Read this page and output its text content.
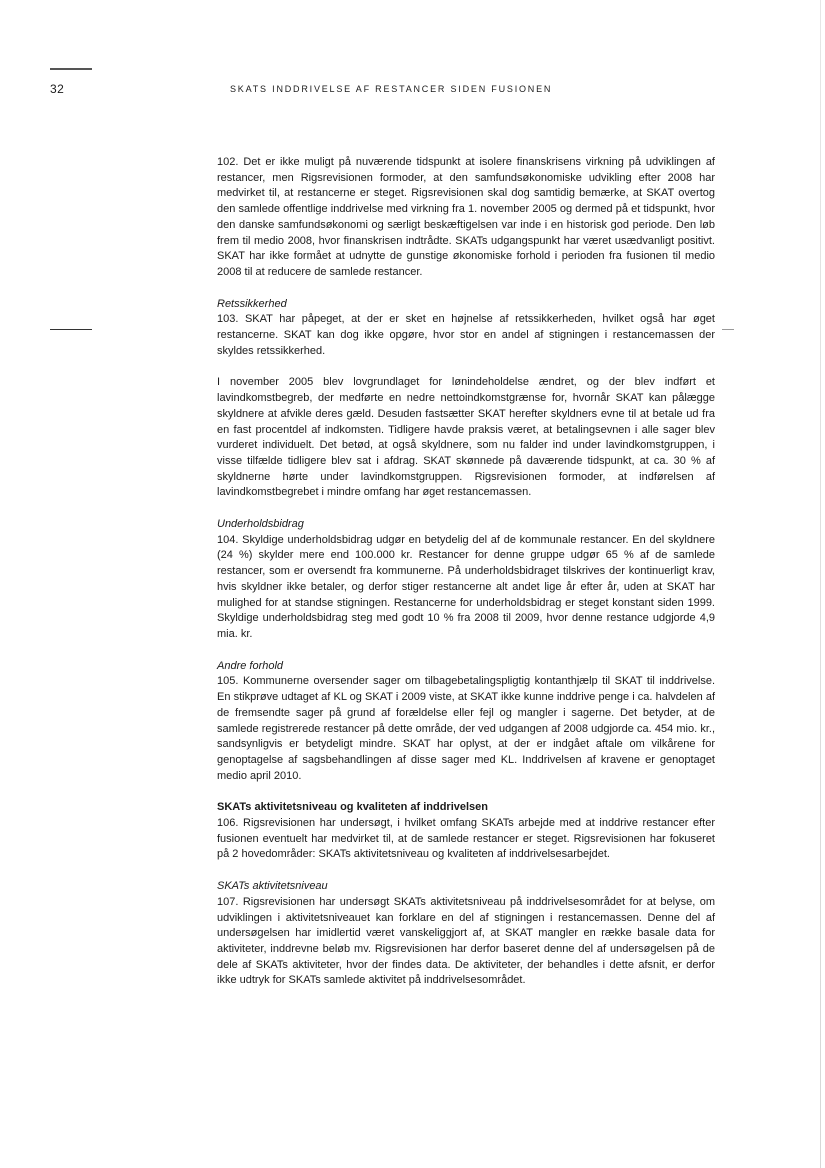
32	SKATS INDDRIVELSE AF RESTANCER SIDEN FUSIONEN
102. Det er ikke muligt på nuværende tidspunkt at isolere finanskrisens virkning på udviklingen af restancer, men Rigsrevisionen formoder, at den samfundsøkonomiske udvikling efter 2008 har medvirket til, at restancerne er steget. Rigsrevisionen skal dog samtidig bemærke, at SKAT overtog den samlede offentlige inddrivelse med virkning fra 1. november 2005 og dermed på et tidspunkt, hvor den danske samfundsøkonomi og særligt beskæftigelsen var inde i en historisk god periode. Den løb frem til medio 2008, hvor finanskrisen indtrådte. SKATs udgangspunkt har været usædvanligt positivt. SKAT har ikke formået at udnytte de gunstige økonomiske forhold i perioden fra fusionen til medio 2008 til at reducere de samlede restancer.
Retssikkerhed
103. SKAT har påpeget, at der er sket en højnelse af retssikkerheden, hvilket også har øget restancerne. SKAT kan dog ikke opgøre, hvor stor en andel af stigningen i restancemassen der skyldes retssikkerhed.
I november 2005 blev lovgrundlaget for lønindeholdelse ændret, og der blev indført et lavindkomstbegreb, der medførte en nedre nettoindkomstgrænse for, hvornår SKAT kan pålægge skyldnere at afvikle deres gæld. Desuden fastsætter SKAT herefter skyldners evne til at betale ud fra en fast procentdel af indkomsten. Tidligere havde praksis været, at betalingsevnen i alle sager blev vurderet individuelt. Det betød, at også skyldnere, som nu falder ind under lavindkomstgruppen, i visse tilfælde tidligere blev sat i afdrag. SKAT skønnede på daværende tidspunkt, at ca. 30 % af skyldnerne hørte under lavindkomstgruppen. Rigsrevisionen formoder, at indførelsen af lavindkomstbegrebet i mindre omfang har øget restancemassen.
Underholdsbidrag
104. Skyldige underholdsbidrag udgør en betydelig del af de kommunale restancer. En del skyldnere (24 %) skylder mere end 100.000 kr. Restancer for denne gruppe udgør 65 % af de samlede restancer, som er oversendt fra kommunerne. På underholdsbidraget tilskrives der kontinuerligt krav, hvis skyldner ikke betaler, og derfor stiger restancerne alt andet lige år efter år, uden at SKAT har mulighed for at standse stigningen. Restancerne for underholdsbidrag er steget konstant siden 1999. Skyldige underholdsbidrag steg med godt 10 % fra 2008 til 2009, hvor denne restance udgjorde 4,9 mia. kr.
Andre forhold
105. Kommunerne oversender sager om tilbagebetalingspligtig kontanthjælp til SKAT til inddrivelse. En stikprøve udtaget af KL og SKAT i 2009 viste, at SKAT ikke kunne inddrive penge i ca. halvdelen af de fremsendte sager på grund af forældelse eller fejl og mangler i sagerne. Det betyder, at de samlede registrerede restancer på dette område, der ved udgangen af 2008 udgjorde ca. 454 mio. kr., sandsynligvis er betydeligt mindre. SKAT har oplyst, at der er indgået aftale om vilkårene for genoptagelse af sagsbehandlingen af disse sager med KL. Inddrivelsen af kravene er genoptaget medio april 2010.
SKATs aktivitetsniveau og kvaliteten af inddrivelsen
106. Rigsrevisionen har undersøgt, i hvilket omfang SKATs arbejde med at inddrive restancer efter fusionen eventuelt har medvirket til, at de samlede restancer er steget. Rigsrevisionen har fokuseret på 2 hovedområder: SKATs aktivitetsniveau og kvaliteten af inddrivelsesarbejdet.
SKATs aktivitetsniveau
107. Rigsrevisionen har undersøgt SKATs aktivitetsniveau på inddrivelsesområdet for at belyse, om udviklingen i aktivitetsniveauet kan forklare en del af stigningen i restancemassen. Denne del af undersøgelsen har imidlertid været vanskeliggjort af, at SKAT mangler en række basale data for aktiviteter, inddrevne beløb mv. Rigsrevisionen har derfor baseret denne del af undersøgelsen på de dele af SKATs aktiviteter, hvor der findes data. De aktiviteter, der behandles i dette afsnit, er derfor ikke udtryk for SKATs samlede aktivitet på inddrivelsesområdet.
